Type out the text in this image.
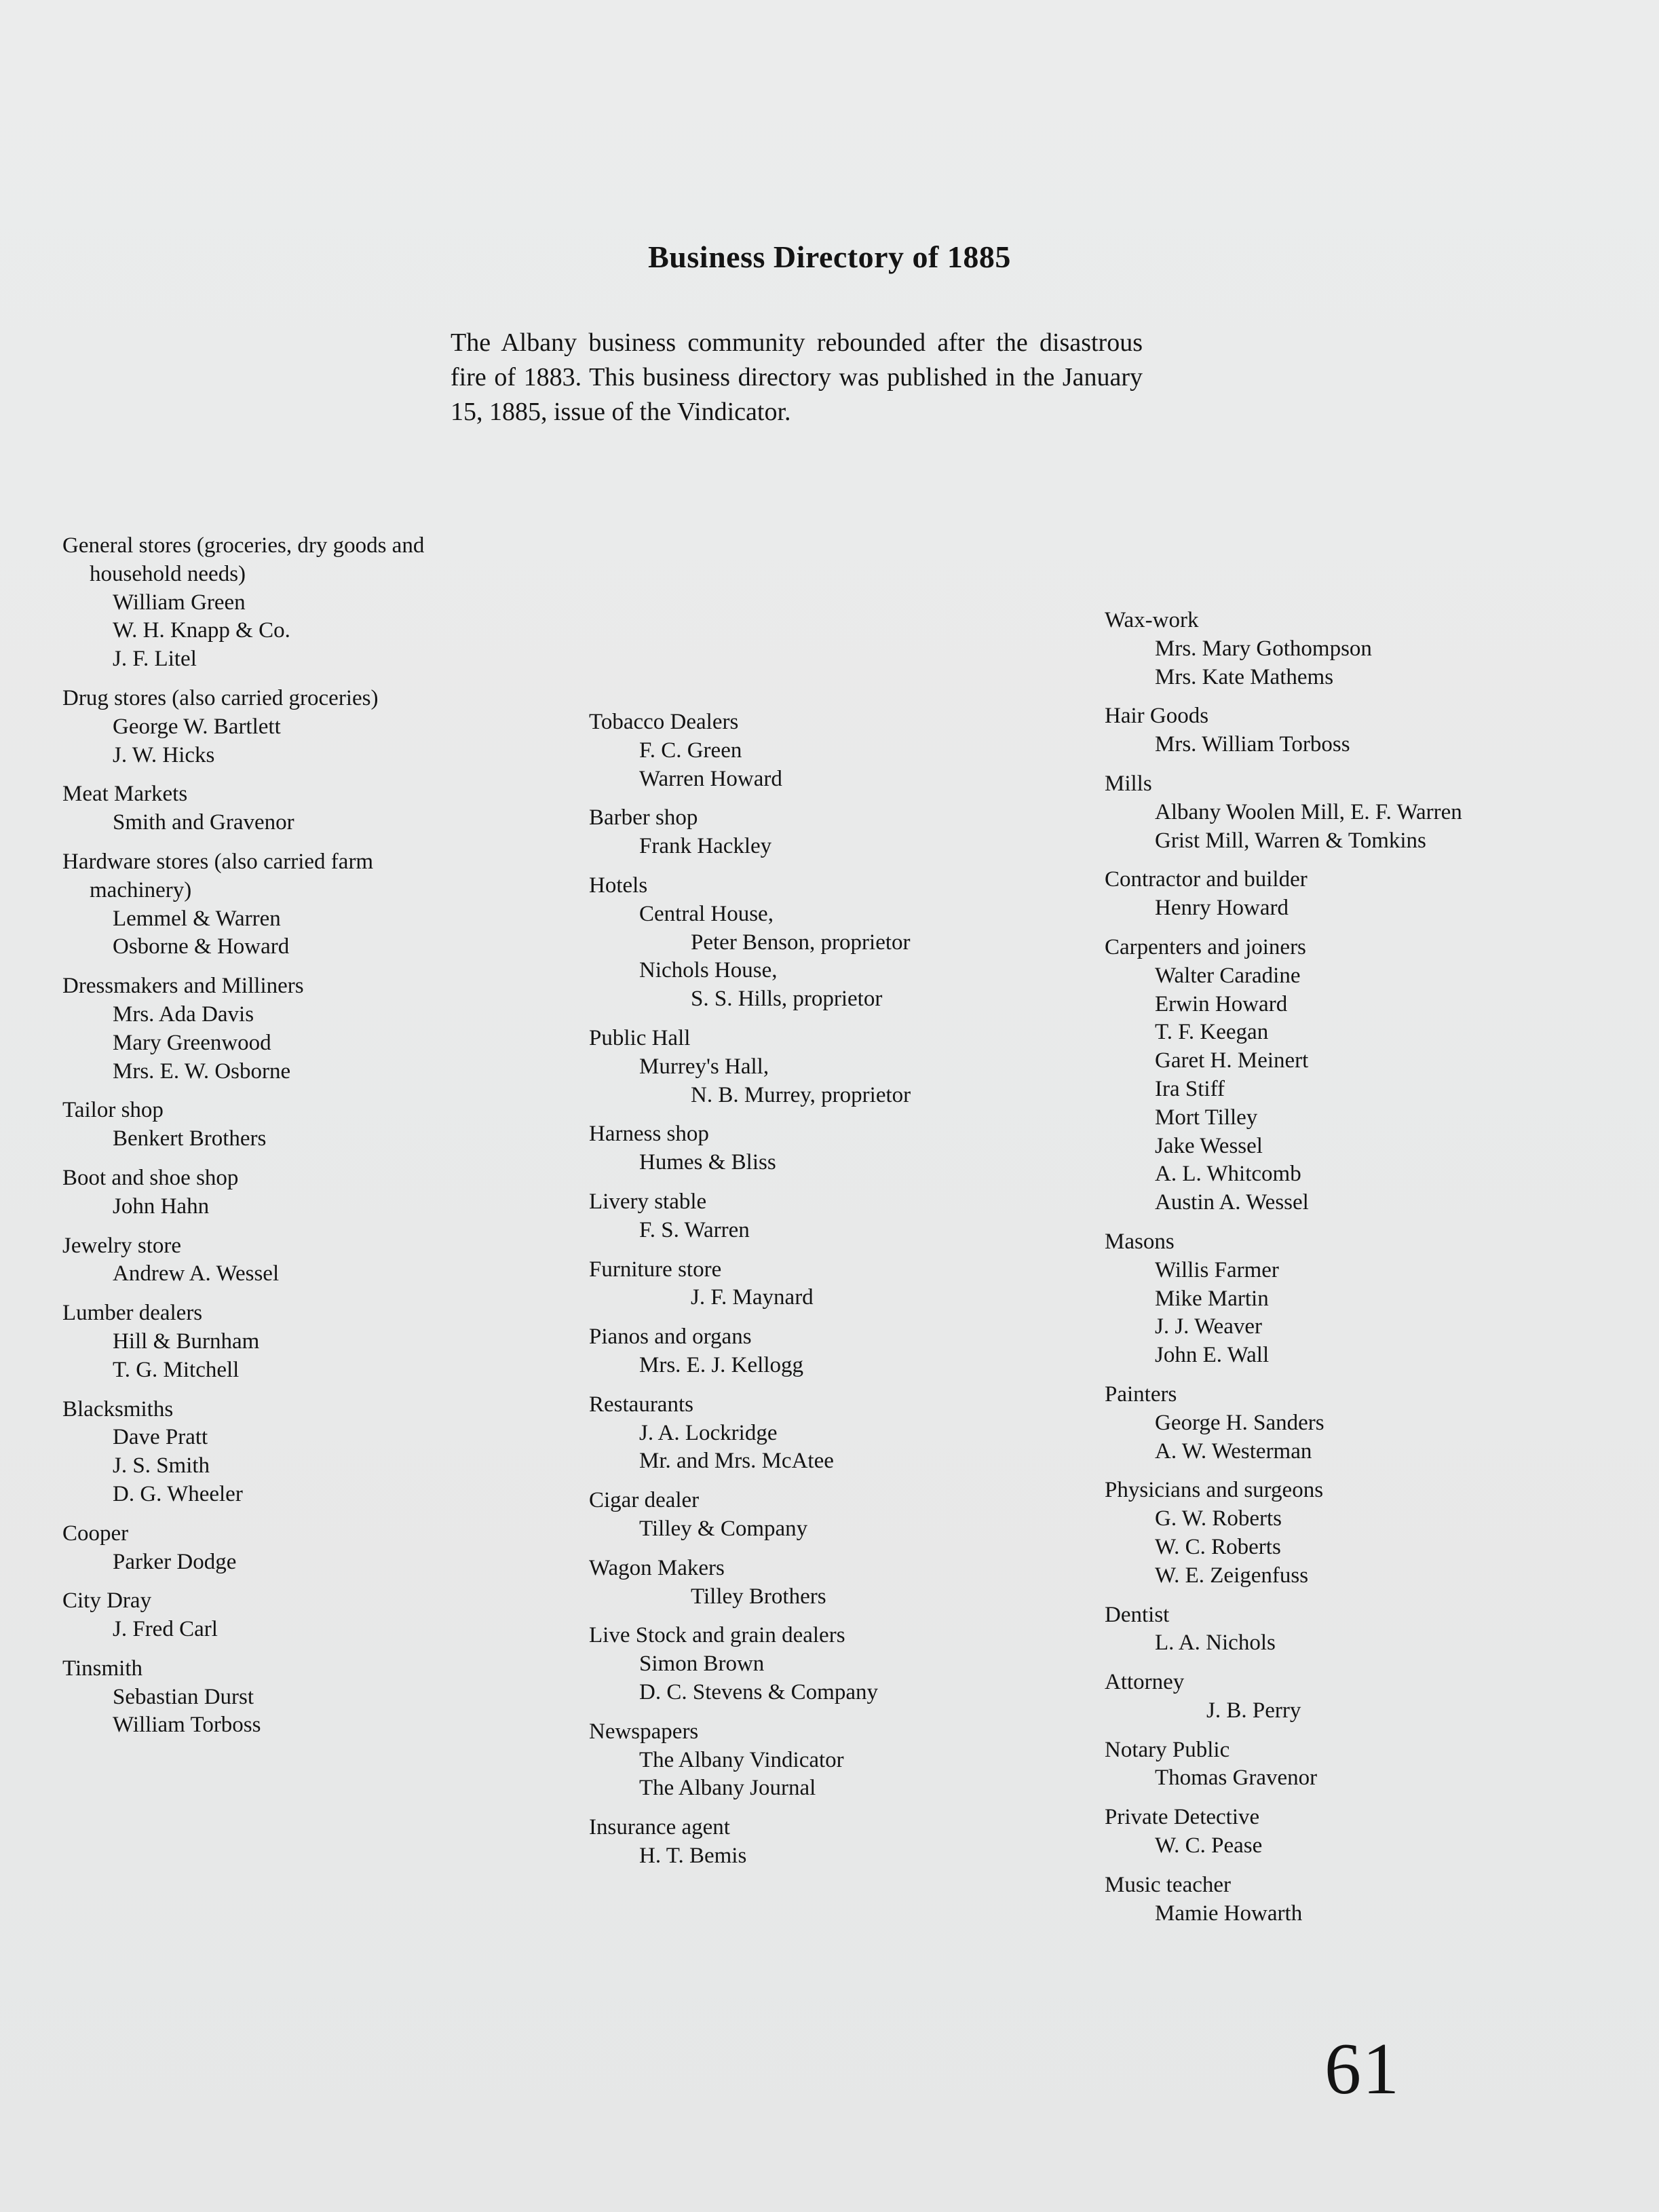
Business Directory of 1885
The Albany business community rebounded after the disastrous fire of 1883. This business directory was published in the January 15, 1885, issue of the Vindicator.
General stores (groceries, dry goods and
household needs)
William Green
W. H. Knapp & Co.
J. F. Litel
Drug stores (also carried groceries)
George W. Bartlett
J. W. Hicks
Meat Markets
Smith and Gravenor
Hardware stores (also carried farm
machinery)
Lemmel & Warren
Osborne & Howard
Dressmakers and Milliners
Mrs. Ada Davis
Mary Greenwood
Mrs. E. W. Osborne
Tailor shop
Benkert Brothers
Boot and shoe shop
John Hahn
Jewelry store
Andrew A. Wessel
Lumber dealers
Hill & Burnham
T. G. Mitchell
Blacksmiths
Dave Pratt
J. S. Smith
D. G. Wheeler
Cooper
Parker Dodge
City Dray
J. Fred Carl
Tinsmith
Sebastian Durst
William Torboss
Tobacco Dealers
F. C. Green
Warren Howard
Barber shop
Frank Hackley
Hotels
Central House,
Peter Benson, proprietor
Nichols House,
S. S. Hills, proprietor
Public Hall
Murrey's Hall,
N. B. Murrey, proprietor
Harness shop
Humes & Bliss
Livery stable
F. S. Warren
Furniture store
J. F. Maynard
Pianos and organs
Mrs. E. J. Kellogg
Restaurants
J. A. Lockridge
Mr. and Mrs. McAtee
Cigar dealer
Tilley & Company
Wagon Makers
Tilley Brothers
Live Stock and grain dealers
Simon Brown
D. C. Stevens & Company
Newspapers
The Albany Vindicator
The Albany Journal
Insurance agent
H. T. Bemis
Wax-work
Mrs. Mary Gothompson
Mrs. Kate Mathems
Hair Goods
Mrs. William Torboss
Mills
Albany Woolen Mill, E. F. Warren
Grist Mill, Warren & Tomkins
Contractor and builder
Henry Howard
Carpenters and joiners
Walter Caradine
Erwin Howard
T. F. Keegan
Garet H. Meinert
Ira Stiff
Mort Tilley
Jake Wessel
A. L. Whitcomb
Austin A. Wessel
Masons
Willis Farmer
Mike Martin
J. J. Weaver
John E. Wall
Painters
George H. Sanders
A. W. Westerman
Physicians and surgeons
G. W. Roberts
W. C. Roberts
W. E. Zeigenfuss
Dentist
L. A. Nichols
Attorney
J. B. Perry
Notary Public
Thomas Gravenor
Private Detective
W. C. Pease
Music teacher
Mamie Howarth
61
